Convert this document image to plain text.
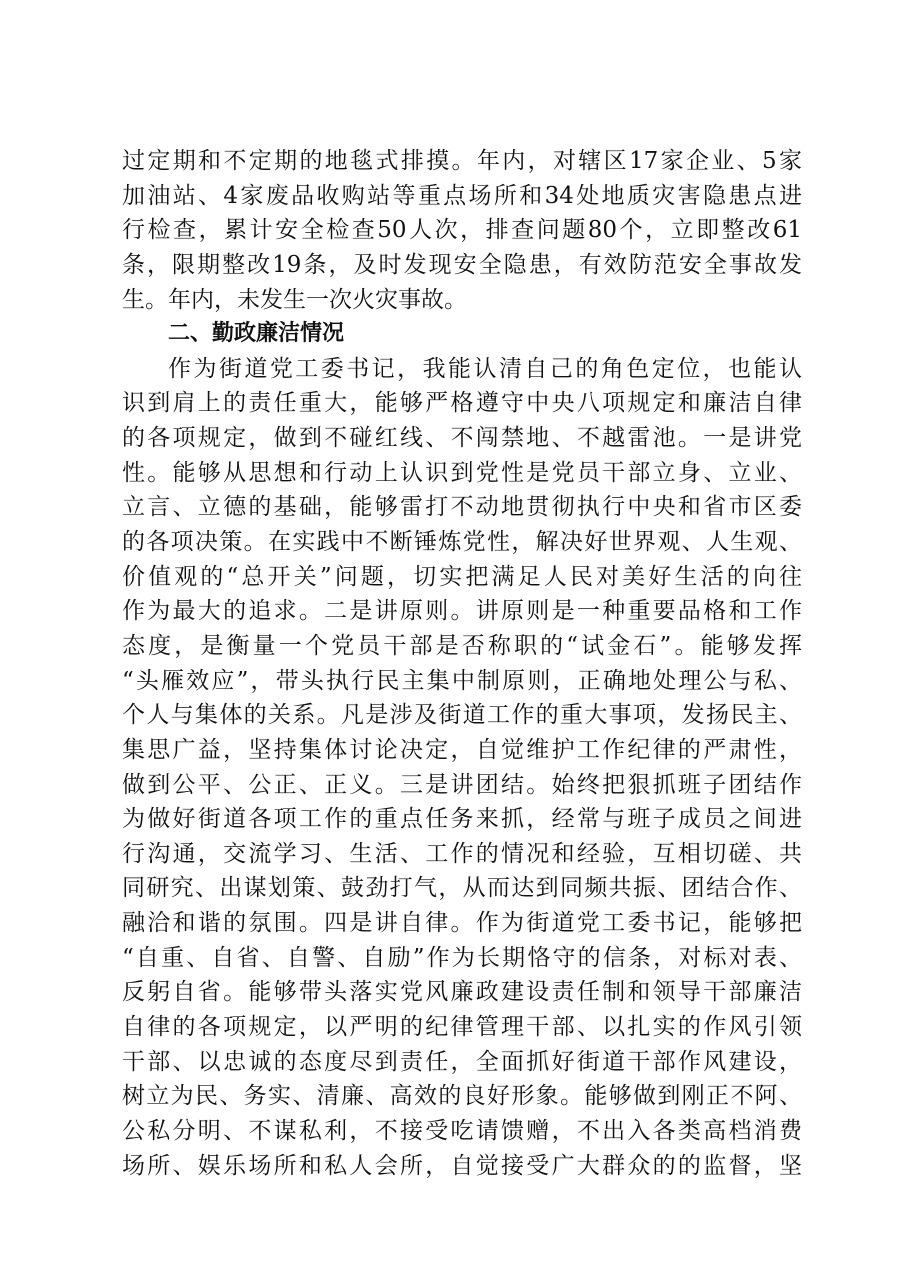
过定期和不定期的地毯式排摸。年内，对辖区17家企业、5家
加油站、4家废品收购站等重点场所和34处地质灾害隐患点进
行检查，累计安全检查50人次，排查问题80个，立即整改61
条，限期整改19条，及时发现安全隐患，有效防范安全事故发
生。年内，未发生一次火灾事故。
二、勤政廉洁情况
作为街道党工委书记，我能认清自己的角色定位，也能认
识到肩上的责任重大，能够严格遵守中央八项规定和廉洁自律
的各项规定，做到不碰红线、不闯禁地、不越雷池。一是讲党
性。能够从思想和行动上认识到党性是党员干部立身、立业、
立言、立德的基础，能够雷打不动地贯彻执行中央和省市区委
的各项决策。在实践中不断锤炼党性，解决好世界观、人生观、
价值观的“总开关”问题，切实把满足人民对美好生活的向往
作为最大的追求。二是讲原则。讲原则是一种重要品格和工作
态度，是衡量一个党员干部是否称职的“试金石”。能够发挥
“头雁效应”，带头执行民主集中制原则，正确地处理公与私、
个人与集体的关系。凡是涉及街道工作的重大事项，发扬民主、
集思广益，坚持集体讨论决定，自觉维护工作纪律的严肃性，
做到公平、公正、正义。三是讲团结。始终把狠抓班子团结作
为做好街道各项工作的重点任务来抓，经常与班子成员之间进
行沟通，交流学习、生活、工作的情况和经验，互相切磋、共
同研究、出谋划策、鼓劲打气，从而达到同频共振、团结合作、
融洽和谐的氛围。四是讲自律。作为街道党工委书记，能够把
“自重、自省、自警、自励”作为长期恪守的信条，对标对表、
反躬自省。能够带头落实党风廉政建设责任制和领导干部廉洁
自律的各项规定，以严明的纪律管理干部、以扎实的作风引领
干部、以忠诚的态度尽到责任，全面抓好街道干部作风建设，
树立为民、务实、清廉、高效的良好形象。能够做到刚正不阿、
公私分明、不谋私利，不接受吃请馈赠，不出入各类高档消费
场所、娱乐场所和私人会所，自觉接受广大群众的的监督，坚
